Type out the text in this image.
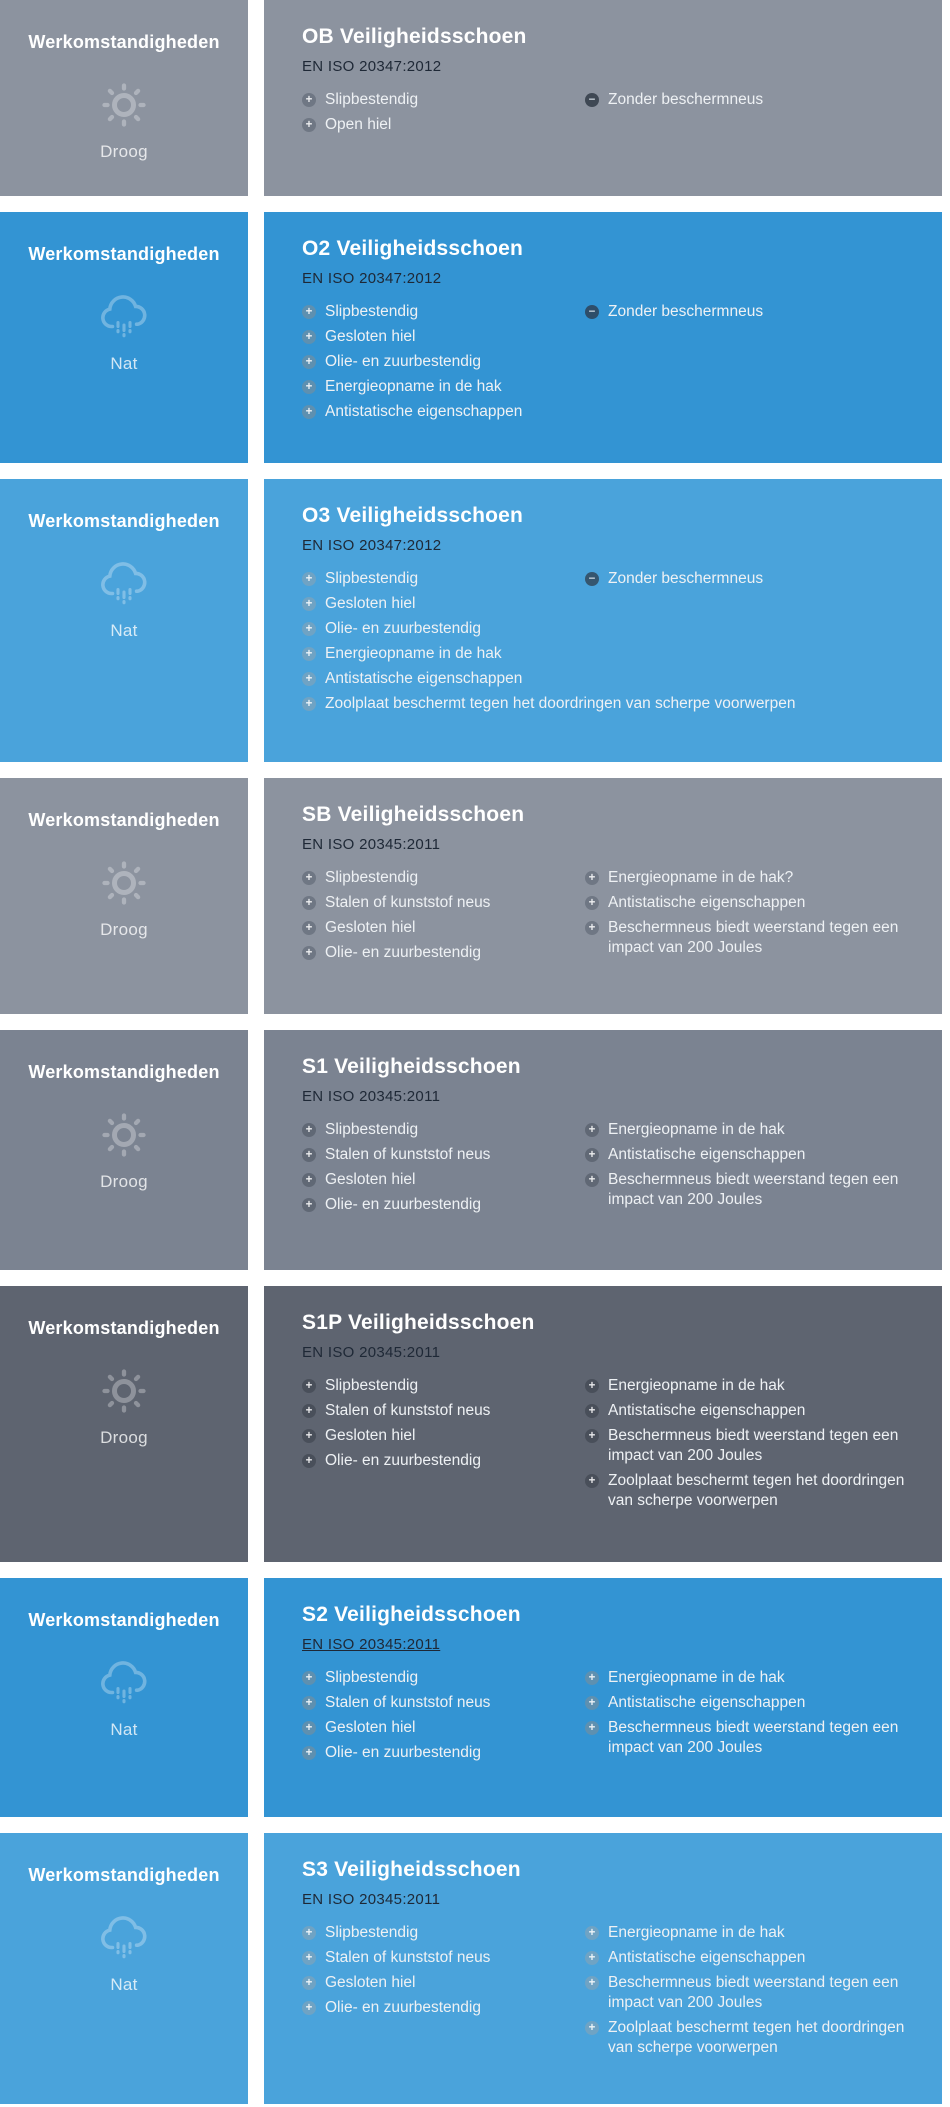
Werkomstandigheden
Droog
OB Veiligheidsschoen
EN ISO 20347:2012
+ Slipbestendig
+ Open hiel
− Zonder beschermneus
Werkomstandigheden
Nat
O2 Veiligheidsschoen
EN ISO 20347:2012
+ Slipbestendig
+ Gesloten hiel
+ Olie- en zuurbestendig
+ Energieopname in de hak
+ Antistatische eigenschappen
− Zonder beschermneus
Werkomstandigheden
Nat
O3 Veiligheidsschoen
EN ISO 20347:2012
+ Slipbestendig
+ Gesloten hiel
+ Olie- en zuurbestendig
+ Energieopname in de hak
+ Antistatische eigenschappen
− Zonder beschermneus
+ Zoolplaat beschermt tegen het doordringen van scherpe voorwerpen
Werkomstandigheden
Droog
SB Veiligheidsschoen
EN ISO 20345:2011
+ Slipbestendig
+ Stalen of kunststof neus
+ Gesloten hiel
+ Olie- en zuurbestendig
+ Energieopname in de hak?
+ Antistatische eigenschappen
+ Beschermneus biedt weerstand tegen een impact van 200 Joules
Werkomstandigheden
Droog
S1 Veiligheidsschoen
EN ISO 20345:2011
+ Slipbestendig
+ Stalen of kunststof neus
+ Gesloten hiel
+ Olie- en zuurbestendig
+ Energieopname in de hak
+ Antistatische eigenschappen
+ Beschermneus biedt weerstand tegen een impact van 200 Joules
Werkomstandigheden
Droog
S1P Veiligheidsschoen
EN ISO 20345:2011
+ Slipbestendig
+ Stalen of kunststof neus
+ Gesloten hiel
+ Olie- en zuurbestendig
+ Energieopname in de hak
+ Antistatische eigenschappen
+ Beschermneus biedt weerstand tegen een impact van 200 Joules
+ Zoolplaat beschermt tegen het doordringen van scherpe voorwerpen
Werkomstandigheden
Nat
S2 Veiligheidsschoen
EN ISO 20345:2011
+ Slipbestendig
+ Stalen of kunststof neus
+ Gesloten hiel
+ Olie- en zuurbestendig
+ Energieopname in de hak
+ Antistatische eigenschappen
+ Beschermneus biedt weerstand tegen een impact van 200 Joules
Werkomstandigheden
Nat
S3 Veiligheidsschoen
EN ISO 20345:2011
+ Slipbestendig
+ Stalen of kunststof neus
+ Gesloten hiel
+ Olie- en zuurbestendig
+ Energieopname in de hak
+ Antistatische eigenschappen
+ Beschermneus biedt weerstand tegen een impact van 200 Joules
+ Zoolplaat beschermt tegen het doordringen van scherpe voorwerpen
